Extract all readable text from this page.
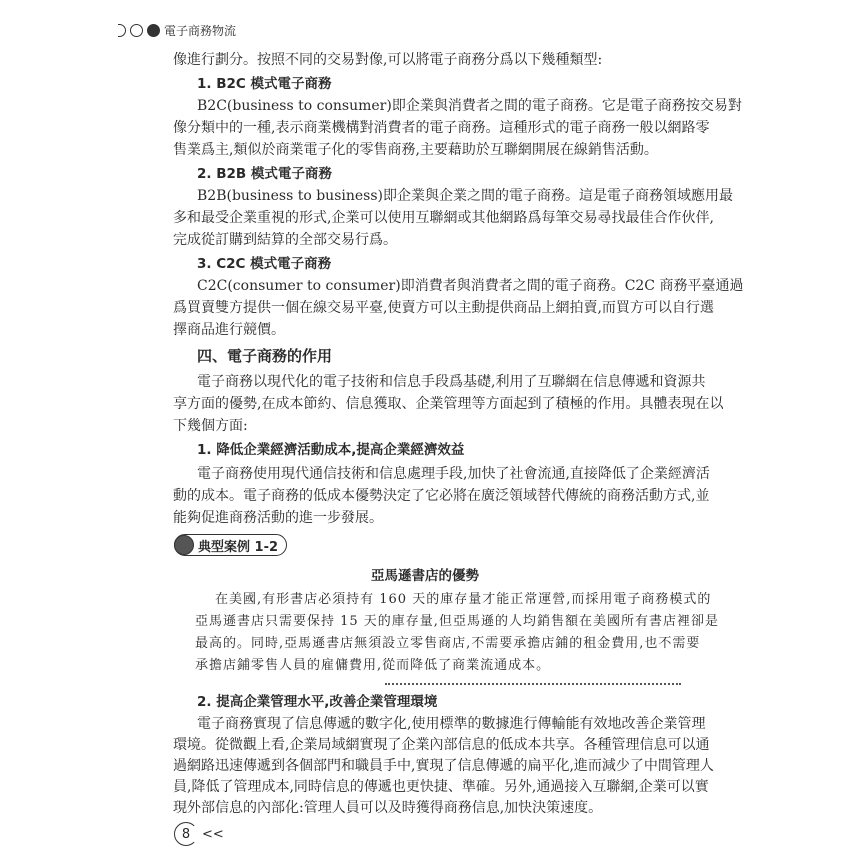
電子商務物流
像進行劃分。按照不同的交易對像,可以將電子商務分爲以下幾種類型:
1. B2C 模式電子商務
B2C(business to consumer)即企業與消費者之間的電子商務。它是電子商務按交易對
像分類中的一種,表示商業機構對消費者的電子商務。這種形式的電子商務一般以網路零
售業爲主,類似於商業電子化的零售商務,主要藉助於互聯網開展在線銷售活動。
2. B2B 模式電子商務
B2B(business to business)即企業與企業之間的電子商務。這是電子商務領域應用最
多和最受企業重視的形式,企業可以使用互聯網或其他網路爲每筆交易尋找最佳合作伙伴,
完成從訂購到結算的全部交易行爲。
3. C2C 模式電子商務
C2C(consumer to consumer)即消費者與消費者之間的電子商務。C2C 商務平臺通過
爲買賣雙方提供一個在線交易平臺,使賣方可以主動提供商品上網拍賣,而買方可以自行選
擇商品進行競價。
四、電子商務的作用
電子商務以現代化的電子技術和信息手段爲基礎,利用了互聯網在信息傳遞和資源共
享方面的優勢,在成本節約、信息獲取、企業管理等方面起到了積極的作用。具體表現在以
下幾個方面:
1. 降低企業經濟活動成本,提高企業經濟效益
電子商務使用現代通信技術和信息處理手段,加快了社會流通,直接降低了企業經濟活
動的成本。電子商務的低成本優勢決定了它必將在廣泛領域替代傳統的商務活動方式,並
能夠促進商務活動的進一步發展。
亞馬遜書店的優勢
在美國,有形書店必須持有 160 天的庫存量才能正常運營,而採用電子商務模式的
亞馬遜書店只需要保持 15 天的庫存量,但亞馬遜的人均銷售額在美國所有書店裡卻是
最高的。同時,亞馬遜書店無須設立零售商店,不需要承擔店鋪的租金費用,也不需要
承擔店鋪零售人員的雇傭費用,從而降低了商業流通成本。
2. 提高企業管理水平,改善企業管理環境
電子商務實現了信息傳遞的數字化,使用標準的數據進行傳輸能有效地改善企業管理
環境。從微觀上看,企業局域網實現了企業內部信息的低成本共享。各種管理信息可以通
過網路迅速傳遞到各個部門和職員手中,實現了信息傳遞的扁平化,進而減少了中間管理人
員,降低了管理成本,同時信息的傳遞也更快捷、準確。另外,通過接入互聯網,企業可以實
現外部信息的內部化:管理人員可以及時獲得商務信息,加快決策速度。
典型案例 1-2
8 <<
